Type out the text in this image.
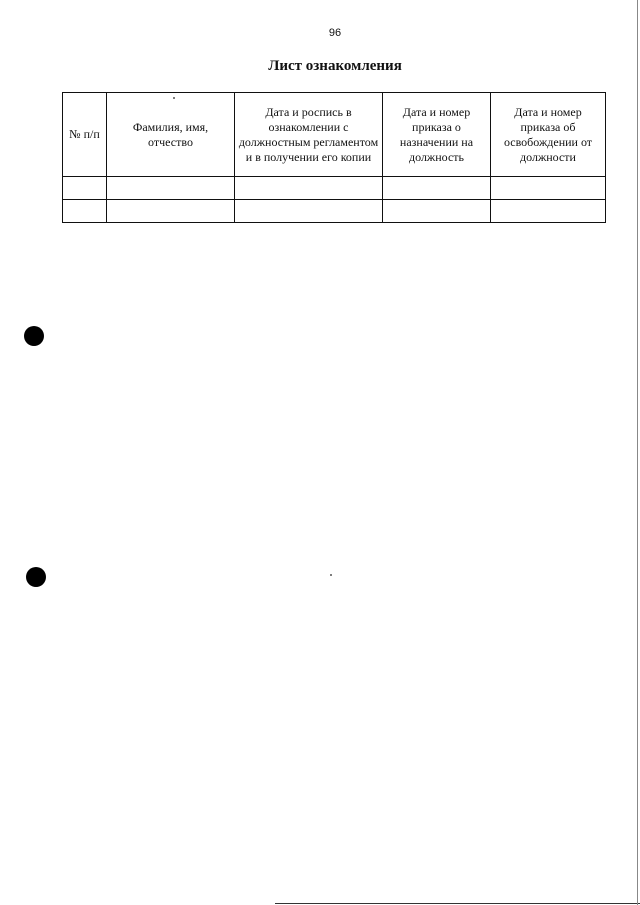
96
Лист ознакомления
№ п/п	Фамилия, имя, отчество	Дата и роспись в ознакомлении с должностным регламентом и в получении его копии	Дата и номер приказа о назначении на должность	Дата и номер приказа об освобождении от должности
